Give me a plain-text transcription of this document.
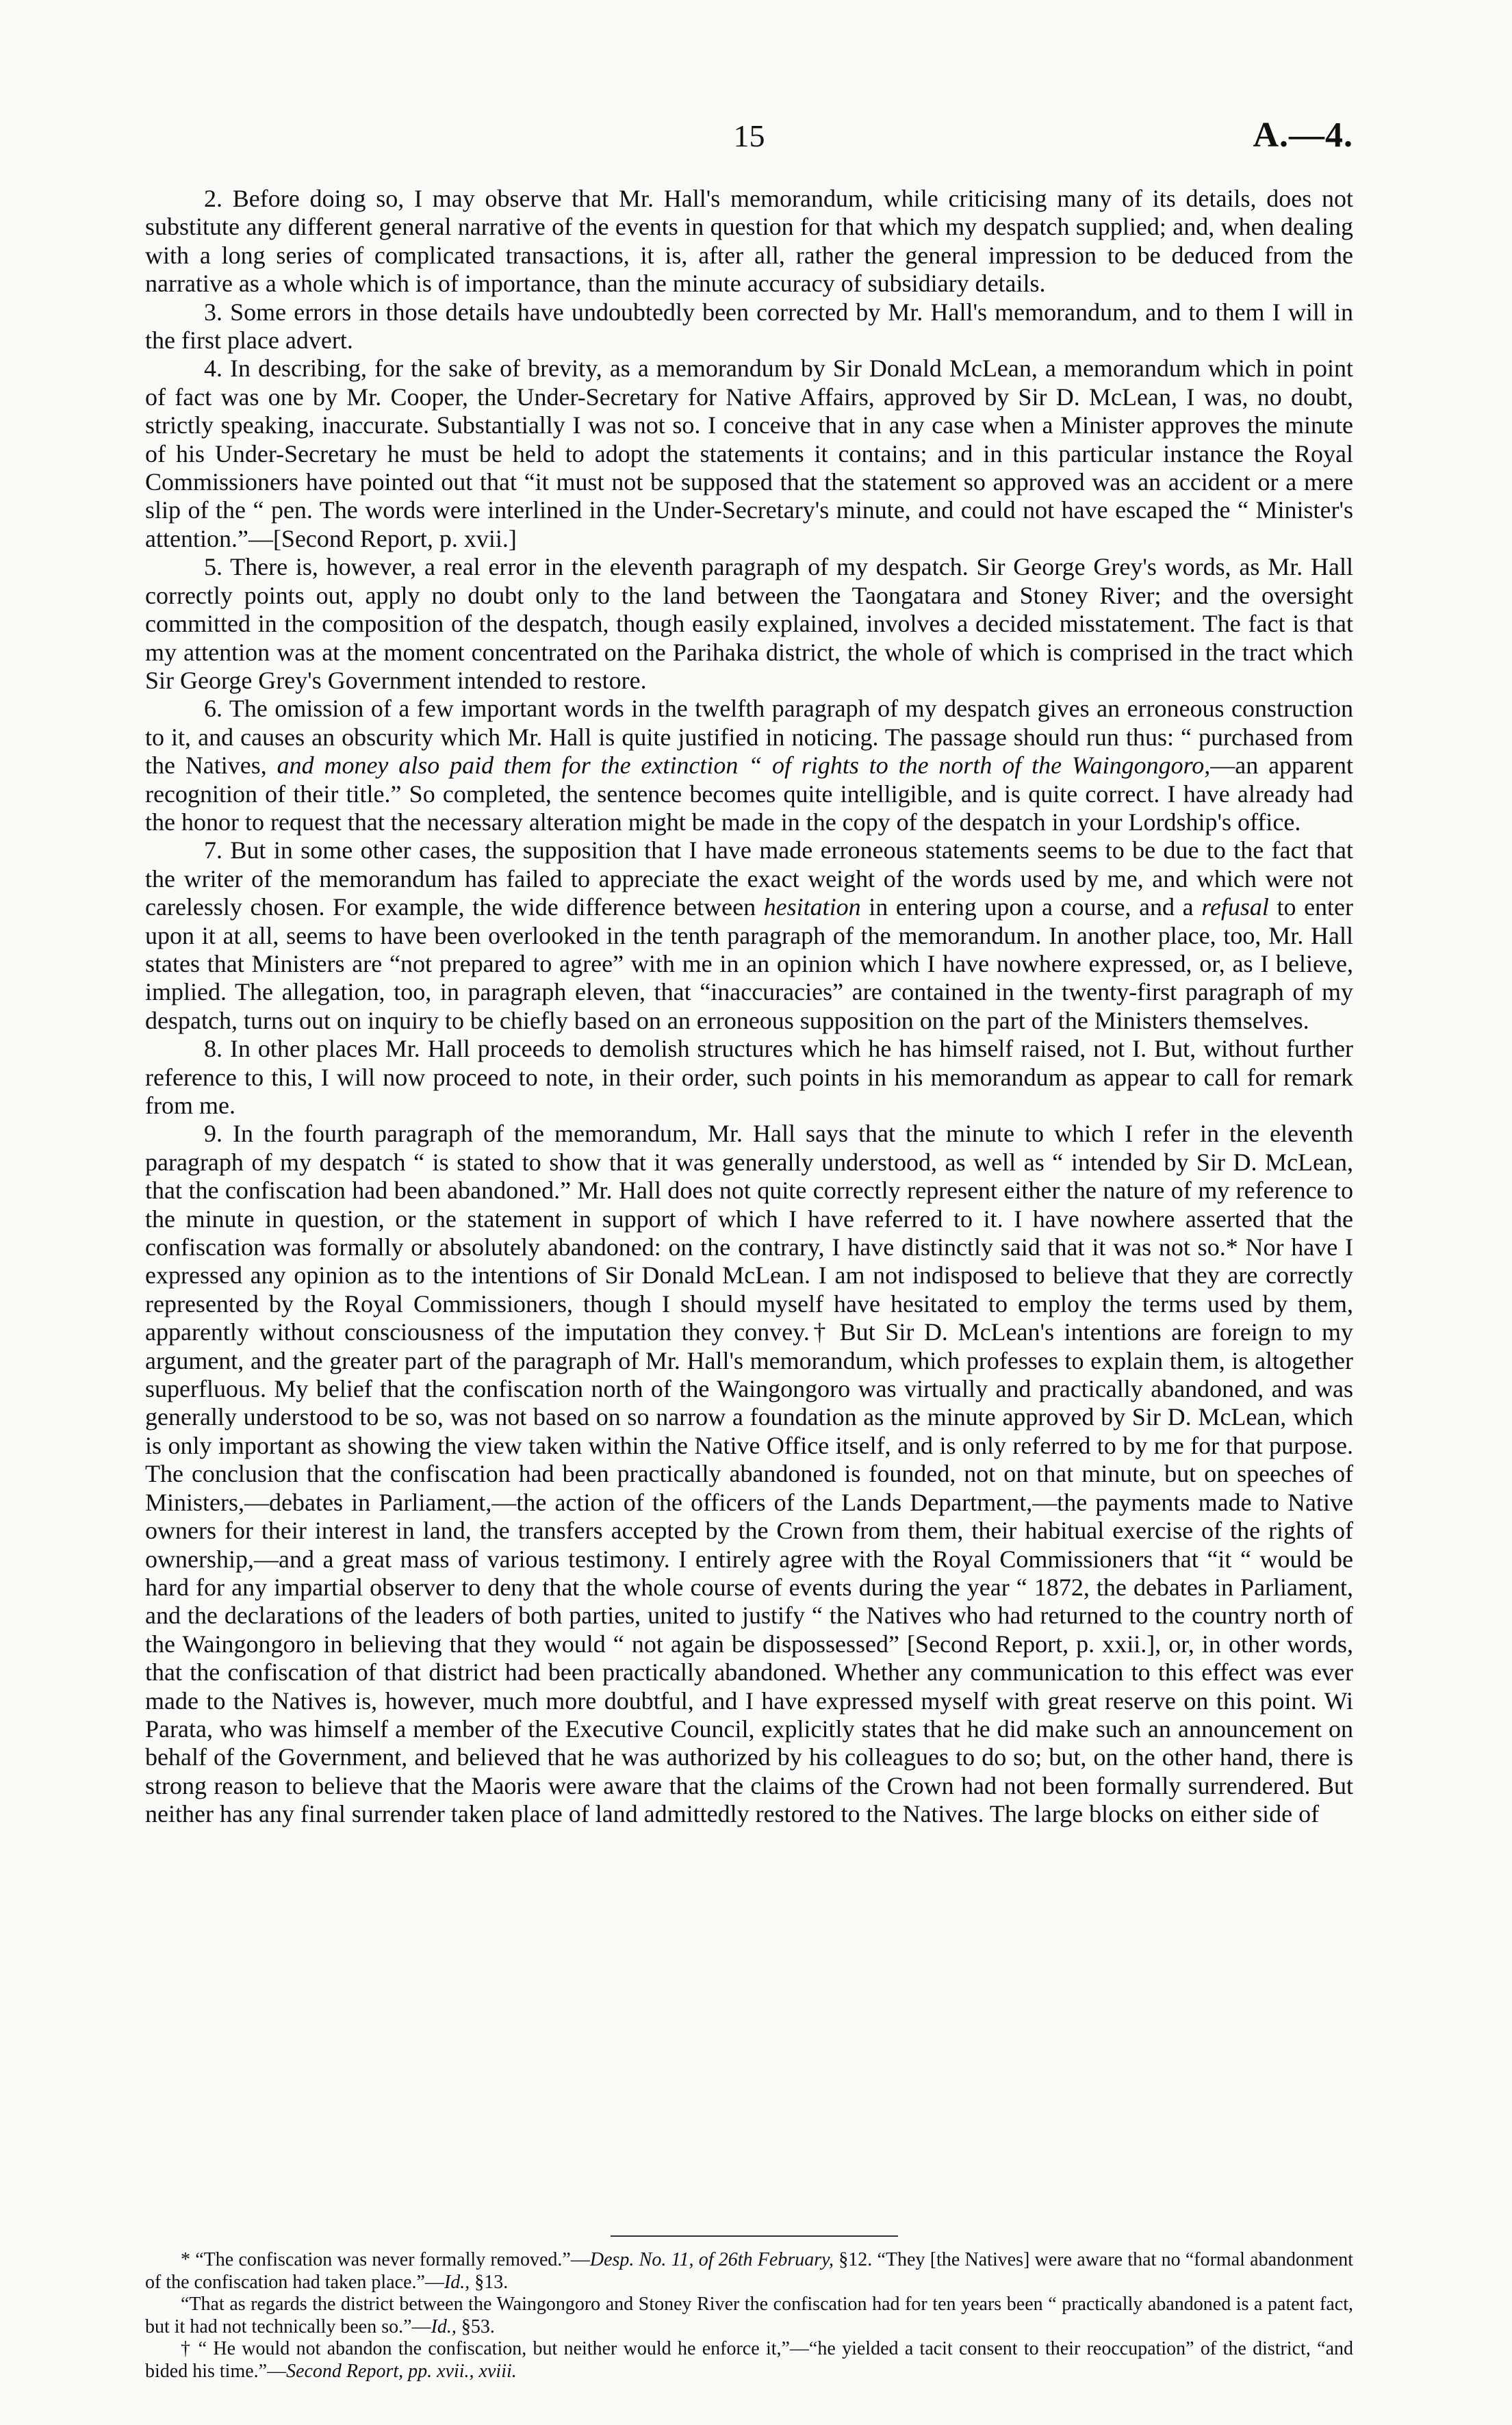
15	A.—4.

2. Before doing so, I may observe that Mr. Hall's memorandum, while criticising many of its details, does not substitute any different general narrative of the events in question for that which my despatch supplied; and, when dealing with a long series of complicated transactions, it is, after all, rather the general impression to be deduced from the narrative as a whole which is of importance, than the minute accuracy of subsidiary details.

3. Some errors in those details have undoubtedly been corrected by Mr. Hall's memorandum, and to them I will in the first place advert.

4. In describing, for the sake of brevity, as a memorandum by Sir Donald McLean, a memorandum which in point of fact was one by Mr. Cooper, the Under-Secretary for Native Affairs, approved by Sir D. McLean, I was, no doubt, strictly speaking, inaccurate. Substantially I was not so. I conceive that in any case when a Minister approves the minute of his Under-Secretary he must be held to adopt the statements it contains; and in this particular instance the Royal Commissioners have pointed out that “it must not be supposed that the statement so approved was an accident or a mere slip of the “ pen. The words were interlined in the Under-Secretary's minute, and could not have escaped the “ Minister's attention.”—[Second Report, p. xvii.]

5. There is, however, a real error in the eleventh paragraph of my despatch. Sir George Grey's words, as Mr. Hall correctly points out, apply no doubt only to the land between the Taongatara and Stoney River; and the oversight committed in the composition of the despatch, though easily explained, involves a decided misstatement. The fact is that my attention was at the moment concentrated on the Parihaka district, the whole of which is comprised in the tract which Sir George Grey's Government intended to restore.

6. The omission of a few important words in the twelfth paragraph of my despatch gives an erroneous construction to it, and causes an obscurity which Mr. Hall is quite justified in noticing. The passage should run thus: “ purchased from the Natives, and money also paid them for the extinction “ of rights to the north of the Waingongoro,—an apparent recognition of their title.” So completed, the sentence becomes quite intelligible, and is quite correct. I have already had the honor to request that the necessary alteration might be made in the copy of the despatch in your Lordship's office.

7. But in some other cases, the supposition that I have made erroneous statements seems to be due to the fact that the writer of the memorandum has failed to appreciate the exact weight of the words used by me, and which were not carelessly chosen. For example, the wide difference between hesitation in entering upon a course, and a refusal to enter upon it at all, seems to have been overlooked in the tenth paragraph of the memorandum. In another place, too, Mr. Hall states that Ministers are “not prepared to agree” with me in an opinion which I have nowhere expressed, or, as I believe, implied. The allegation, too, in paragraph eleven, that “inaccuracies” are contained in the twenty-first paragraph of my despatch, turns out on inquiry to be chiefly based on an erroneous supposition on the part of the Ministers themselves.

8. In other places Mr. Hall proceeds to demolish structures which he has himself raised, not I. But, without further reference to this, I will now proceed to note, in their order, such points in his memorandum as appear to call for remark from me.

9. In the fourth paragraph of the memorandum, Mr. Hall says that the minute to which I refer in the eleventh paragraph of my despatch “ is stated to show that it was generally understood, as well as “ intended by Sir D. McLean, that the confiscation had been abandoned.” Mr. Hall does not quite correctly represent either the nature of my reference to the minute in question, or the statement in support of which I have referred to it. I have nowhere asserted that the confiscation was formally or absolutely abandoned: on the contrary, I have distinctly said that it was not so.* Nor have I expressed any opinion as to the intentions of Sir Donald McLean. I am not indisposed to believe that they are correctly represented by the Royal Commissioners, though I should myself have hesitated to employ the terms used by them, apparently without consciousness of the imputation they convey.† But Sir D. McLean's intentions are foreign to my argument, and the greater part of the paragraph of Mr. Hall's memorandum, which professes to explain them, is altogether superfluous. My belief that the confiscation north of the Waingongoro was virtually and practically abandoned, and was generally understood to be so, was not based on so narrow a foundation as the minute approved by Sir D. McLean, which is only important as showing the view taken within the Native Office itself, and is only referred to by me for that purpose. The conclusion that the confiscation had been practically abandoned is founded, not on that minute, but on speeches of Ministers,—debates in Parliament,—the action of the officers of the Lands Department,—the payments made to Native owners for their interest in land, the transfers accepted by the Crown from them, their habitual exercise of the rights of ownership,—and a great mass of various testimony. I entirely agree with the Royal Commissioners that “it “ would be hard for any impartial observer to deny that the whole course of events during the year “ 1872, the debates in Parliament, and the declarations of the leaders of both parties, united to justify “ the Natives who had returned to the country north of the Waingongoro in believing that they would “ not again be dispossessed” [Second Report, p. xxii.], or, in other words, that the confiscation of that district had been practically abandoned. Whether any communication to this effect was ever made to the Natives is, however, much more doubtful, and I have expressed myself with great reserve on this point. Wi Parata, who was himself a member of the Executive Council, explicitly states that he did make such an announcement on behalf of the Government, and believed that he was authorized by his colleagues to do so; but, on the other hand, there is strong reason to believe that the Maoris were aware that the claims of the Crown had not been formally surrendered. But neither has any final surrender taken place of land admittedly restored to the Natives. The large blocks on either side of

* “The confiscation was never formally removed.”—Desp. No. 11, of 26th February, §12. “They [the Natives] were aware that no “formal abandonment of the confiscation had taken place.”—Id., §13.

“That as regards the district between the Waingongoro and Stoney River the confiscation had for ten years been “ practically abandoned is a patent fact, but it had not technically been so.”—Id., §53.

† “ He would not abandon the confiscation, but neither would he enforce it,”—“he yielded a tacit consent to their reoccupation” of the district, “and bided his time.”—Second Report, pp. xvii., xviii.
